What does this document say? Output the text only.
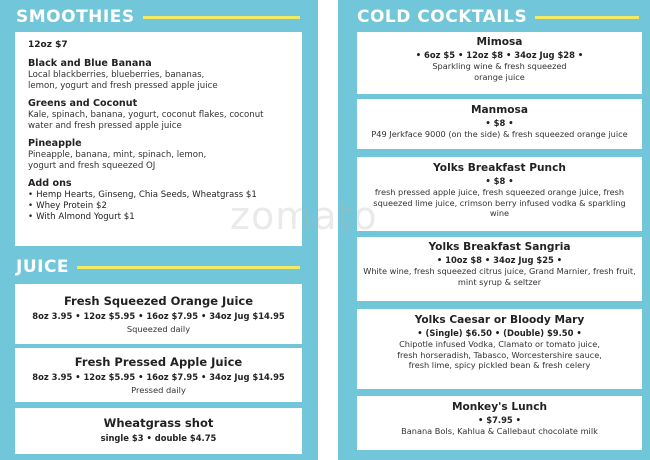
SMOOTHIES
12oz $7
Black and Blue Banana
Local blackberries, blueberries, bananas, lemon, yogurt and fresh pressed apple juice
Greens and Coconut
Kale, spinach, banana, yogurt, coconut flakes, coconut water and fresh pressed apple juice
Pineapple
Pineapple, banana, mint, spinach, lemon, yogurt and fresh squeezed OJ
Add ons
• Hemp Hearts, Ginseng, Chia Seeds, Wheatgrass $1
• Whey Protein $2
• With Almond Yogurt $1
JUICE
Fresh Squeezed Orange Juice
8oz 3.95 • 12oz $5.95 • 16oz $7.95 • 34oz Jug $14.95
Squeezed daily
Fresh Pressed Apple Juice
8oz 3.95 • 12oz $5.95 • 16oz $7.95 • 34oz Jug $14.95
Pressed daily
Wheatgrass shot
single $3 • double $4.75
COLD COCKTAILS
Mimosa
• 6oz $5 • 12oz $8 • 34oz Jug $28 •
Sparkling wine & fresh squeezed orange juice
Manmosa
• $8 •
P49 Jerkface 9000 (on the side) & fresh squeezed orange juice
Yolks Breakfast Punch
• $8 •
fresh pressed apple juice, fresh squeezed orange juice, fresh squeezed lime juice, crimson berry infused vodka & sparkling wine
Yolks Breakfast Sangria
• 10oz $8 • 34oz Jug $25 •
White wine, fresh squeezed citrus juice, Grand Marnier, fresh fruit, mint syrup & seltzer
Yolks Caesar or Bloody Mary
• (Single) $6.50 • (Double) $9.50 •
Chipotle infused Vodka, Clamato or tomato juice, fresh horseradish, Tabasco, Worcestershire sauce, fresh lime, spicy pickled bean & fresh celery
Monkey's Lunch
• $7.95 •
Banana Bols, Kahlua & Callebaut chocolate milk
zomato
